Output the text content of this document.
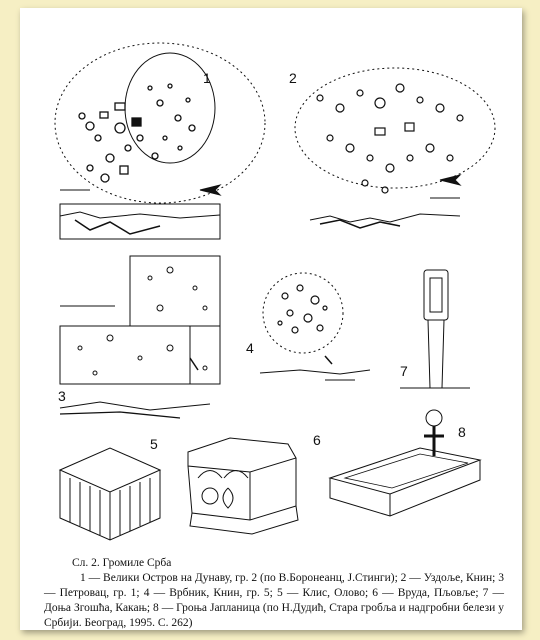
1	2
3
4
5	6
7
8
Сл. 2. Громиле Срба
1 — Велики Остров на Дунаву, гр. 2 (по В.Боронеанц, J.Стинги); 2 — Уздоље, Книн; 3 — Петровац, гр. 1; 4 — Врбник, Книн, гр. 5; 5 — Клис, Олово; 6 — Вруда, Пљовље; 7 — Доња Згошћа, Какањ; 8 — Гроња Јапланица (по Н.Дудић, Стара гробља и надгробни белези у Србији. Београд, 1995. С. 262)
